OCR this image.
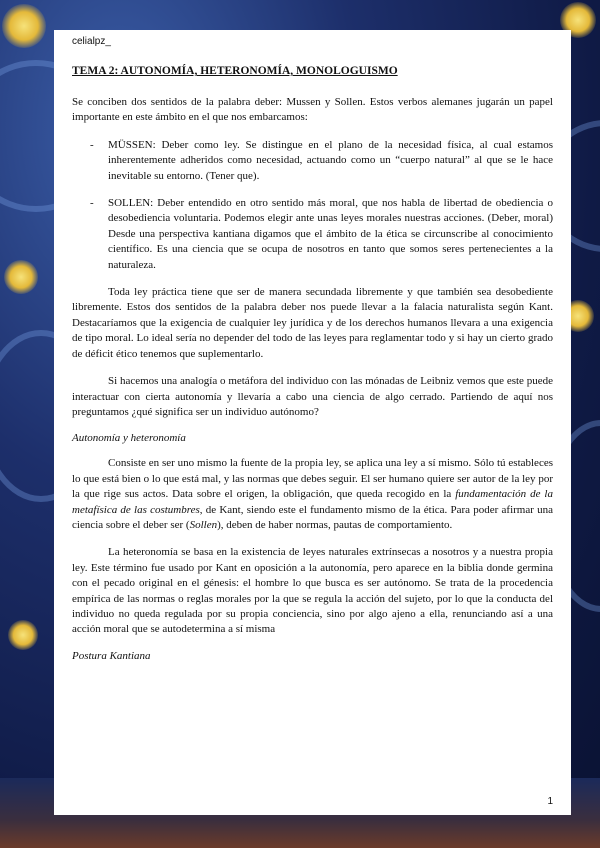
celialpz_
TEMA 2: AUTONOMÍA, HETERONOMÍA, MONOLOGUISMO

Se conciben dos sentidos de la palabra deber: Mussen y Sollen. Estos verbos alemanes jugarán un papel importante en este ámbito en el que nos embarcamos:

- MÜSSEN: Deber como ley. Se distingue en el plano de la necesidad física, al cual estamos inherentemente adheridos como necesidad, actuando como un “cuerpo natural” al que se le hace inevitable su entorno. (Tener que).
- SOLLEN: Deber entendido en otro sentido más moral, que nos habla de libertad de obediencia o desobediencia voluntaria. Podemos elegir ante unas leyes morales nuestras acciones. (Deber, moral) Desde una perspectiva kantiana digamos que el ámbito de la ética se circunscribe al conocimiento científico. Es una ciencia que se ocupa de nosotros en tanto que somos seres pertenecientes a la naturaleza.

Toda ley práctica tiene que ser de manera secundada libremente y que también sea desobediente libremente. Estos dos sentidos de la palabra deber nos puede llevar a la falacia naturalista según Kant. Destacaríamos que la exigencia de cualquier ley jurídica y de los derechos humanos llevara a una exigencia de tipo moral. Lo ideal sería no depender del todo de las leyes para reglamentar todo y si hay un cierto grado de déficit ético tenemos que suplementarlo.

Si hacemos una analogía o metáfora del individuo con las mónadas de Leibniz vemos que este puede interactuar con cierta autonomía y llevaría a cabo una ciencia de algo cerrado. Partiendo de aquí nos preguntamos ¿qué significa ser un individuo autónomo?

Autonomía y heteronomía

Consiste en ser uno mismo la fuente de la propia ley, se aplica una ley a sí mismo. Sólo tú estableces lo que está bien o lo que está mal, y las normas que debes seguir. El ser humano quiere ser autor de la ley por la que rige sus actos. Data sobre el origen, la obligación, que queda recogido en la fundamentación de la metafísica de las costumbres, de Kant, siendo este el fundamento mismo de la ética. Para poder afirmar una ciencia sobre el deber ser (Sollen), deben de haber normas, pautas de comportamiento.

La heteronomía se basa en la existencia de leyes naturales extrínsecas a nosotros y a nuestra propia ley. Este término fue usado por Kant en oposición a la autonomía, pero aparece en la biblia donde germina con el pecado original en el génesis: el hombre lo que busca es ser autónomo. Se trata de la procedencia empírica de las normas o reglas morales por la que se regula la acción del sujeto, por lo que la conducta del individuo no queda regulada por su propia conciencia, sino por algo ajeno a ella, renunciando así a una acción moral que se autodetermina a sí misma

Postura Kantiana
1
